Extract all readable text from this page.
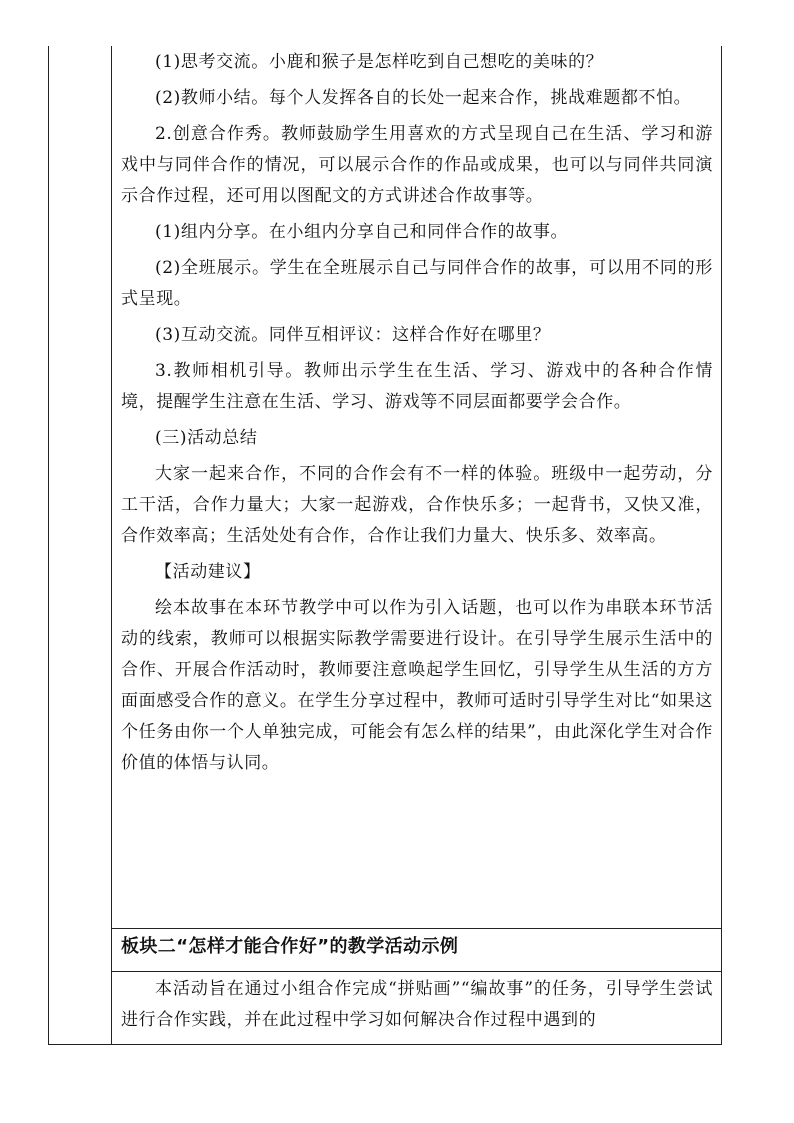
(1)思考交流。小鹿和猴子是怎样吃到自己想吃的美味的？

(2)教师小结。每个人发挥各自的长处一起来合作，挑战难题都不怕。

2.创意合作秀。教师鼓励学生用喜欢的方式呈现自己在生活、学习和游戏中与同伴合作的情况，可以展示合作的作品或成果，也可以与同伴共同演示合作过程，还可用以图配文的方式讲述合作故事等。

(1)组内分享。在小组内分享自己和同伴合作的故事。

(2)全班展示。学生在全班展示自己与同伴合作的故事，可以用不同的形式呈现。

(3)互动交流。同伴互相评议：这样合作好在哪里？

3.教师相机引导。教师出示学生在生活、学习、游戏中的各种合作情境，提醒学生注意在生活、学习、游戏等不同层面都要学会合作。

(三)活动总结

大家一起来合作，不同的合作会有不一样的体验。班级中一起劳动，分工干活，合作力量大；大家一起游戏，合作快乐多；一起背书，又快又准，合作效率高；生活处处有合作，合作让我们力量大、快乐多、效率高。

【活动建议】

绘本故事在本环节教学中可以作为引入话题，也可以作为串联本环节活动的线索，教师可以根据实际教学需要进行设计。在引导学生展示生活中的合作、开展合作活动时，教师要注意唤起学生回忆，引导学生从生活的方方面面感受合作的意义。在学生分享过程中，教师可适时引导学生对比“如果这个任务由你一个人单独完成，可能会有怎么样的结果”，由此深化学生对合作价值的体悟与认同。

板块二“怎样才能合作好”的教学活动示例

本活动旨在通过小组合作完成“拼贴画”“编故事”的任务，引导学生尝试进行合作实践，并在此过程中学习如何解决合作过程中遇到的
